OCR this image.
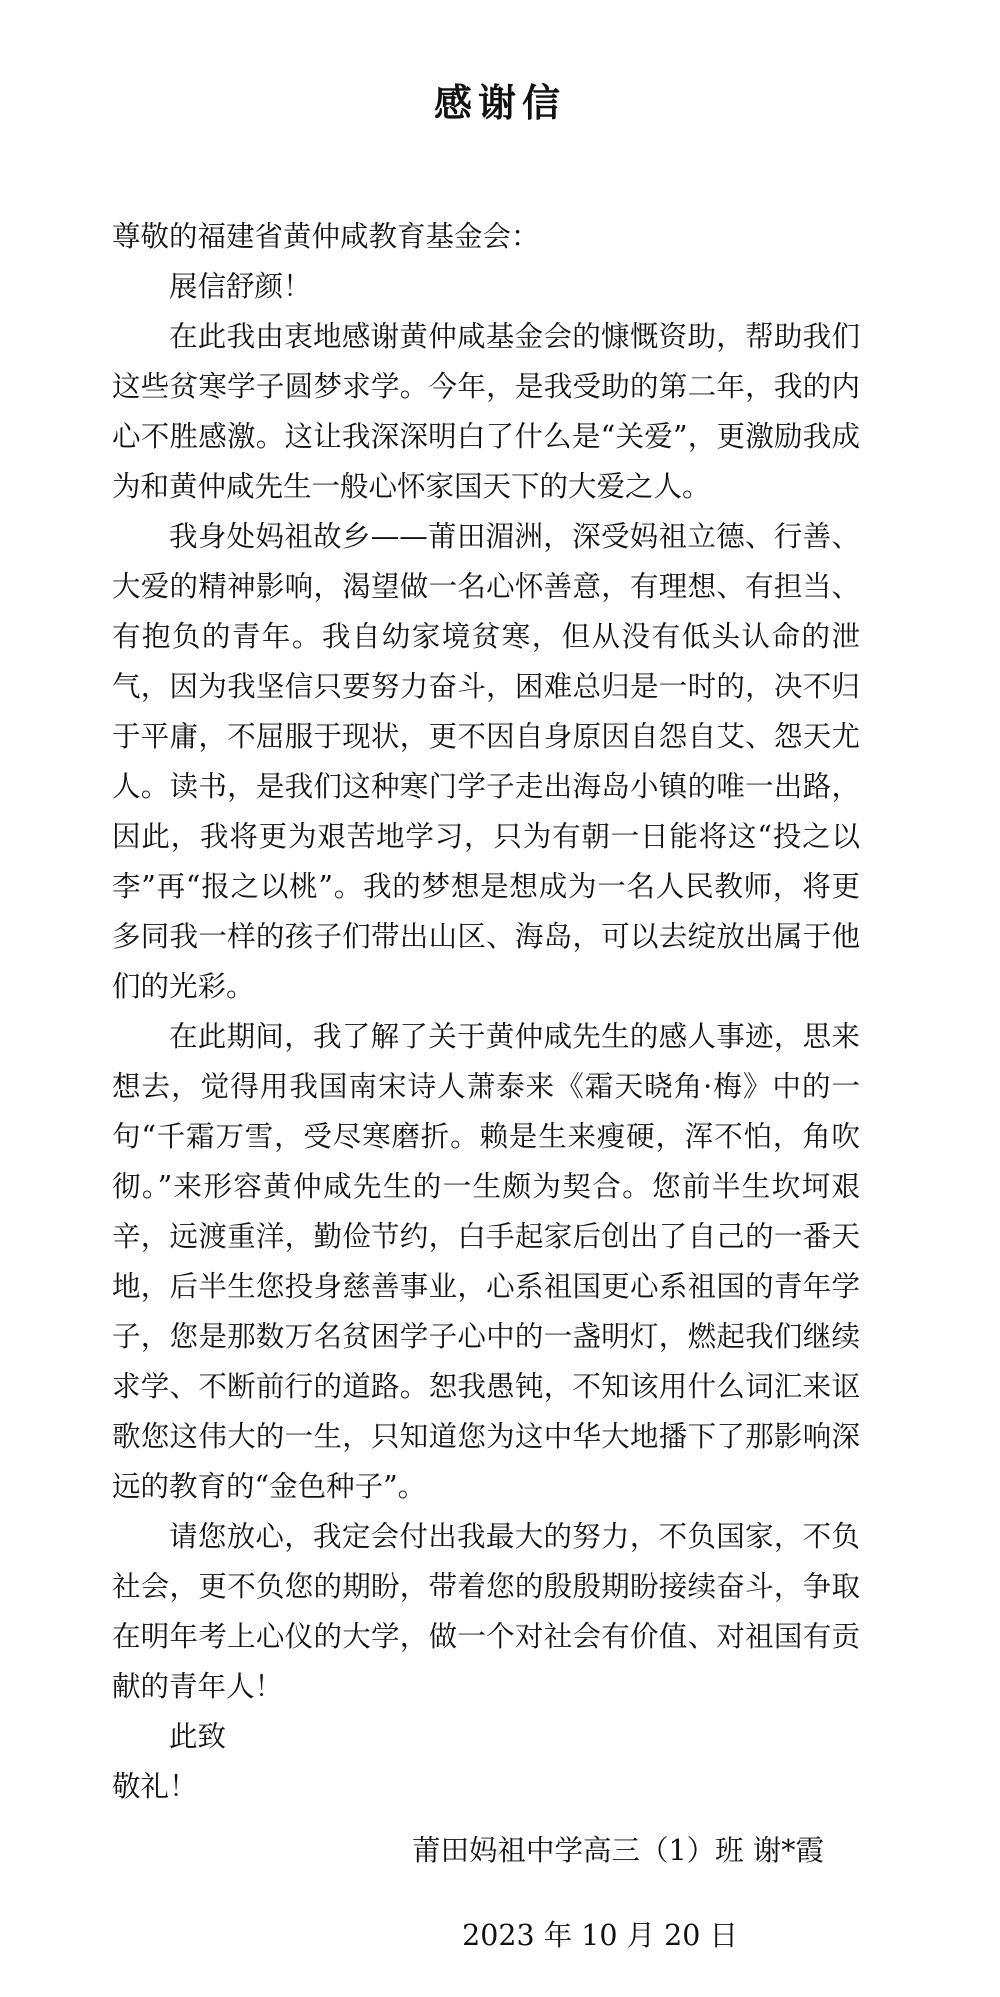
感谢信

尊敬的福建省黄仲咸教育基金会：

展信舒颜！

在此我由衷地感谢黄仲咸基金会的慷慨资助，帮助我们这些贫寒学子圆梦求学。今年，是我受助的第二年，我的内心不胜感激。这让我深深明白了什么是“关爱”，更激励我成为和黄仲咸先生一般心怀家国天下的大爱之人。

我身处妈祖故乡——莆田湄洲，深受妈祖立德、行善、大爱的精神影响，渴望做一名心怀善意，有理想、有担当、有抱负的青年。我自幼家境贫寒，但从没有低头认命的泄气，因为我坚信只要努力奋斗，困难总归是一时的，决不归于平庸，不屈服于现状，更不因自身原因自怨自艾、怨天尤人。读书，是我们这种寒门学子走出海岛小镇的唯一出路，因此，我将更为艰苦地学习，只为有朝一日能将这“投之以李”再“报之以桃”。我的梦想是想成为一名人民教师，将更多同我一样的孩子们带出山区、海岛，可以去绽放出属于他们的光彩。

在此期间，我了解了关于黄仲咸先生的感人事迹，思来想去，觉得用我国南宋诗人萧泰来《霜天晓角·梅》中的一句“千霜万雪，受尽寒磨折。赖是生来瘦硬，浑不怕，角吹彻。”来形容黄仲咸先生的一生颇为契合。您前半生坎坷艰辛，远渡重洋，勤俭节约，白手起家后创出了自己的一番天地，后半生您投身慈善事业，心系祖国更心系祖国的青年学子，您是那数万名贫困学子心中的一盏明灯，燃起我们继续求学、不断前行的道路。恕我愚钝，不知该用什么词汇来讴歌您这伟大的一生，只知道您为这中华大地播下了那影响深远的教育的“金色种子”。

请您放心，我定会付出我最大的努力，不负国家，不负社会，更不负您的期盼，带着您的殷殷期盼接续奋斗，争取在明年考上心仪的大学，做一个对社会有价值、对祖国有贡献的青年人！

此致

敬礼！

莆田妈祖中学高三（1）班 谢*霞
2023 年 10 月 20 日
